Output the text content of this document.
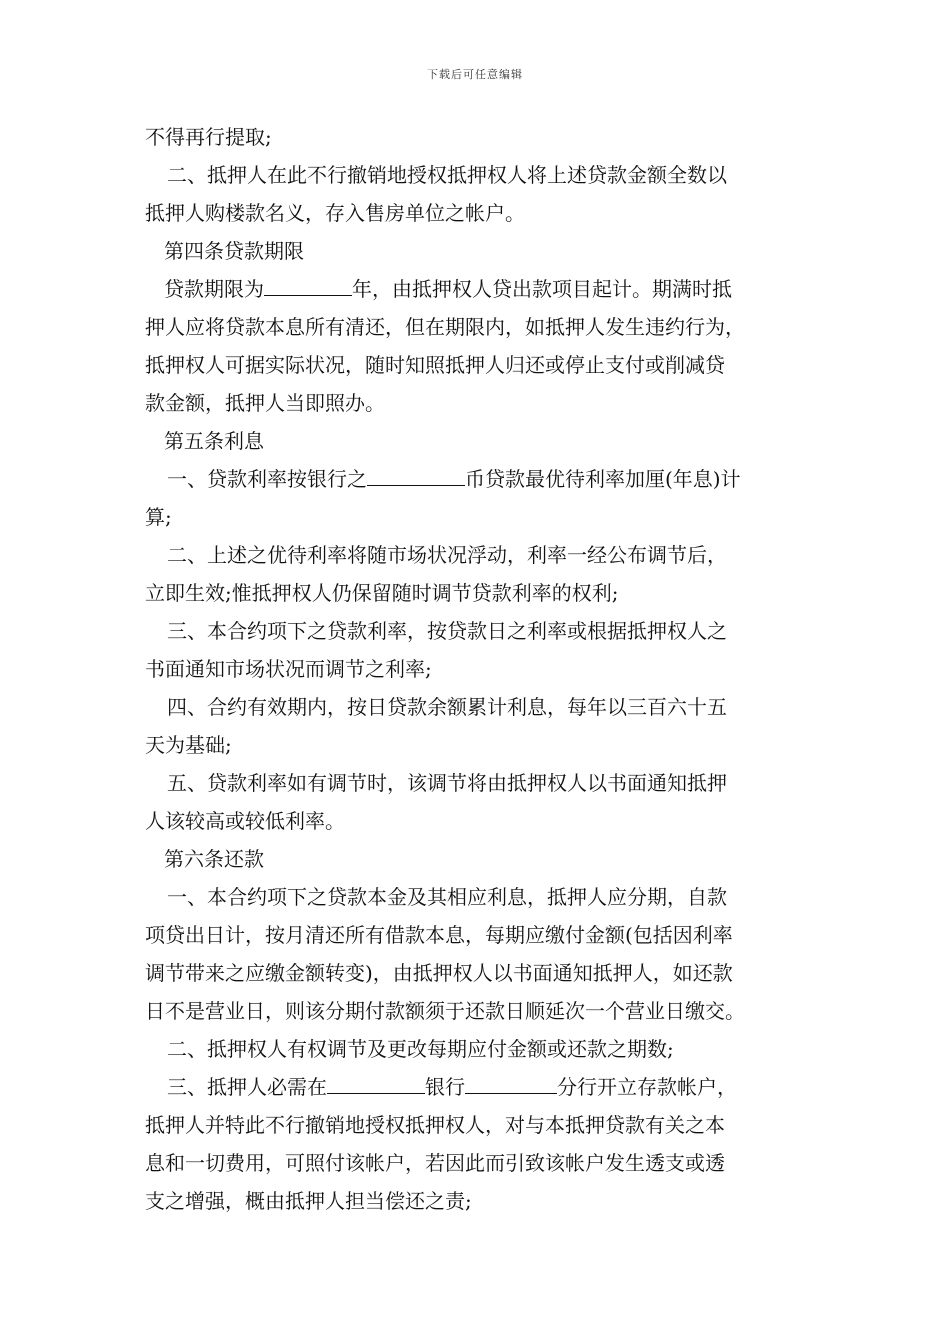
下载后可任意编辑
不得再行提取;
二、抵押人在此不行撤销地授权抵押权人将上述贷款金额全数以
抵押人购楼款名义，存入售房单位之帐户。
第四条贷款期限
贷款期限为	年，由抵押权人贷出款项目起计。期满时抵
押人应将贷款本息所有清还，但在期限内，如抵押人发生违约行为，
抵押权人可据实际状况，随时知照抵押人归还或停止支付或削减贷
款金额，抵押人当即照办。
第五条利息
一、贷款利率按银行之	币贷款最优待利率加厘(年息)计
算;
二、上述之优待利率将随市场状况浮动，利率一经公布调节后，
立即生效;惟抵押权人仍保留随时调节贷款利率的权利;
三、本合约项下之贷款利率，按贷款日之利率或根据抵押权人之
书面通知市场状况而调节之利率;
四、合约有效期内，按日贷款余额累计利息，每年以三百六十五
天为基础;
五、贷款利率如有调节时，该调节将由抵押权人以书面通知抵押
人该较高或较低利率。
第六条还款
一、本合约项下之贷款本金及其相应利息，抵押人应分期，自款
项贷出日计，按月清还所有借款本息，每期应缴付金额(包括因利率
调节带来之应缴金额转变)，由抵押权人以书面通知抵押人，如还款
日不是营业日，则该分期付款额须于还款日顺延次一个营业日缴交。
二、抵押权人有权调节及更改每期应付金额或还款之期数;
三、抵押人必需在	银行	分行开立存款帐户，
抵押人并特此不行撤销地授权抵押权人，对与本抵押贷款有关之本
息和一切费用，可照付该帐户，若因此而引致该帐户发生透支或透
支之增强，概由抵押人担当偿还之责;
